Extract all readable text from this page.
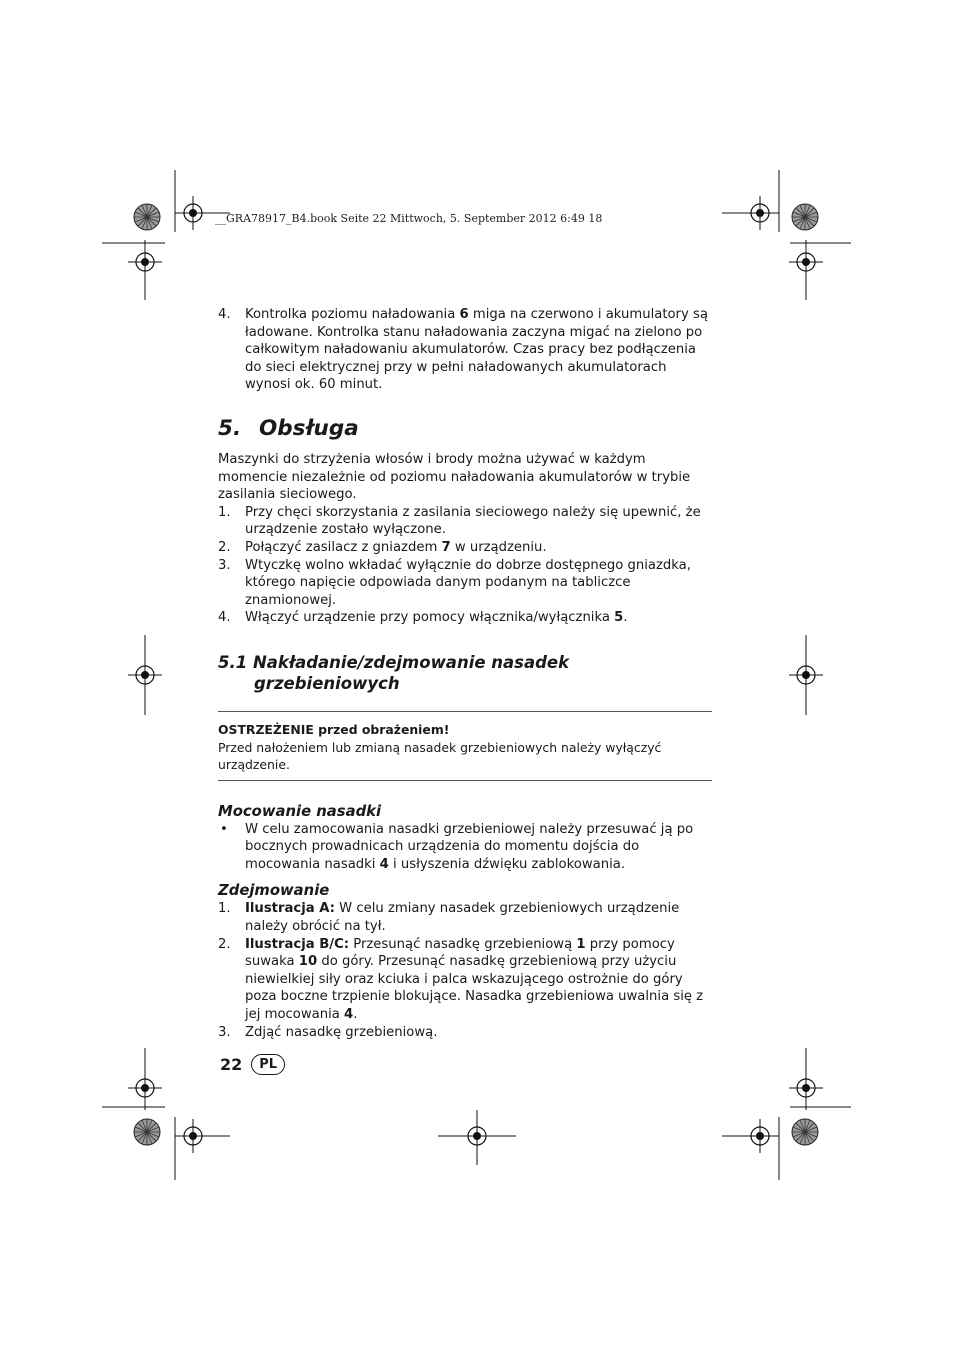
__GRA78917_B4.book Seite 22 Mittwoch, 5. September 2012 6:49 18
4. Kontrolka poziomu naładowania 6 miga na czerwono i akumulatory są ładowane. Kontrolka stanu naładowania zaczyna migać na zielono po całkowitym naładowaniu akumulatorów. Czas pracy bez podłączenia do sieci elektrycznej przy w pełni naładowanych akumulatorach wynosi ok. 60 minut.
5. Obsługa
Maszynki do strzyżenia włosów i brody można używać w każdym momencie niezależnie od poziomu naładowania akumulatorów w trybie zasilania sieciowego.
1. Przy chęci skorzystania z zasilania sieciowego należy się upewnić, że urządzenie zostało wyłączone.
2. Połączyć zasilacz z gniazdem 7 w urządzeniu.
3. Wtyczkę wolno wkładać wyłącznie do dobrze dostępnego gniazdka, którego napięcie odpowiada danym podanym na tabliczce znamionowej.
4. Włączyć urządzenie przy pomocy włącznika/wyłącznika 5.
5.1 Nakładanie/zdejmowanie nasadek
grzebieniowych
OSTRZEŻENIE przed obrażeniem!
Przed nałożeniem lub zmianą nasadek grzebieniowych należy wyłączyć urządzenie.
Mocowanie nasadki
• W celu zamocowania nasadki grzebieniowej należy przesuwać ją po bocznych prowadnicach urządzenia do momentu dojścia do mocowania nasadki 4 i usłyszenia dźwięku zablokowania.
Zdejmowanie
1. Ilustracja A: W celu zmiany nasadek grzebieniowych urządzenie należy obrócić na tył.
2. Ilustracja B/C: Przesunąć nasadkę grzebieniową 1 przy pomocy suwaka 10 do góry. Przesunąć nasadkę grzebieniową przy użyciu niewielkiej siły oraz kciuka i palca wskazującego ostrożnie do góry poza boczne trzpienie blokujące. Nasadka grzebieniowa uwalnia się z jej mocowania 4.
3. Zdjąć nasadkę grzebieniową.
22	PL
